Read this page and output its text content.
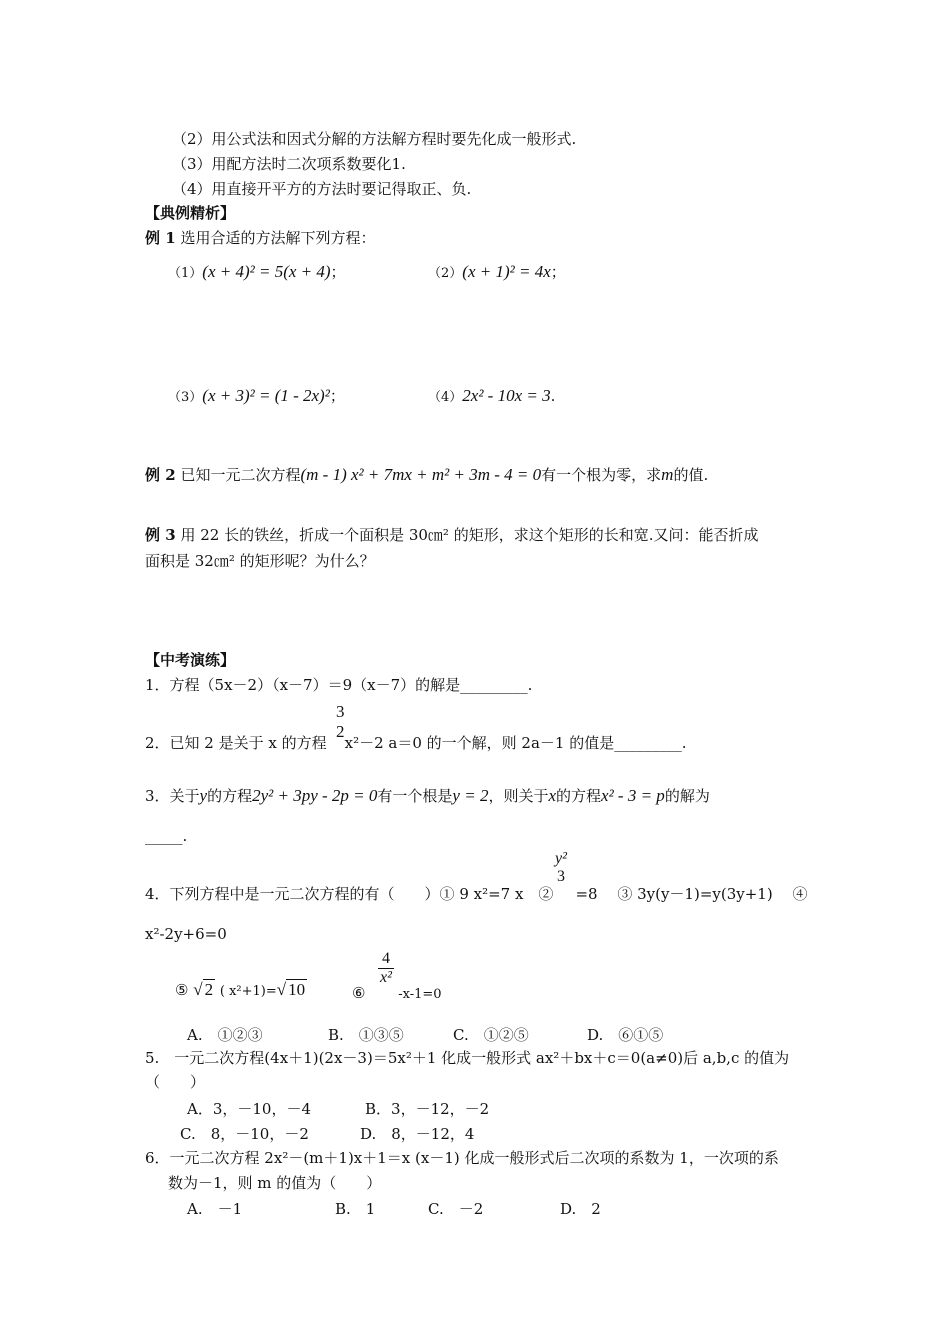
（2）用公式法和因式分解的方法解方程时要先化成一般形式.
（3）用配方法时二次项系数要化1.
（4）用直接开平方的方法时要记得取正、负.
【典例精析】
例 1 选用合适的方法解下列方程：
（1）(x + 4)² = 5(x + 4)；	（2）(x + 1)² = 4x；
（3）(x + 3)² = (1 - 2x)²；	（4）2x² - 10x = 3.
例 2 已知一元二次方程(m - 1) x² + 7mx + m² + 3m - 4 = 0有一个根为零，求m的值.
例 3 用 22 长的铁丝，折成一个面积是 30㎝² 的矩形，求这个矩形的长和宽.又问：能否折成
面积是 32㎝² 的矩形呢？为什么？
【中考演练】
1．方程（5x－2）（x－7）＝9（x－7）的解是_________.
3
2
2．已知 2 是关于 x 的方程 x²－2 a＝0 的一个解，则 2a－1 的值是_________.
3．关于y的方程2y² + 3py - 2p = 0有一个根是y = 2，则关于x的方程x² - 3 = p的解为
_____.
y²
3
4．下列方程中是一元二次方程的有（　　）① 9 x²=7 x　② =8　 ③ 3y(y－1)=y(3y+1)　 ④
x²-2y+6=0
⑤ √ 2 ( x²+1)=√ 10
$\frac{4}{\text{x²}}$
⑥	-x-1=0
A.　①②③	B.　①③⑤	C.　①②⑤	D.　⑥①⑤
5.　一元二次方程(4x＋1)(2x－3)＝5x²＋1 化成一般形式 ax²＋bx＋c＝0(a≠0)后 a,b,c 的值为
（　　）
A．3，－10，－4	B．3，－12，－2
C.　8，－10，－2	D.　8，－12，4
6．一元二次方程 2x²－(m＋1)x＋1＝x (x－1) 化成一般形式后二次项的系数为 1，一次项的系
数为－1，则 m 的值为（　　）
A.　－1	B.　1	C.　－2	D.　2
